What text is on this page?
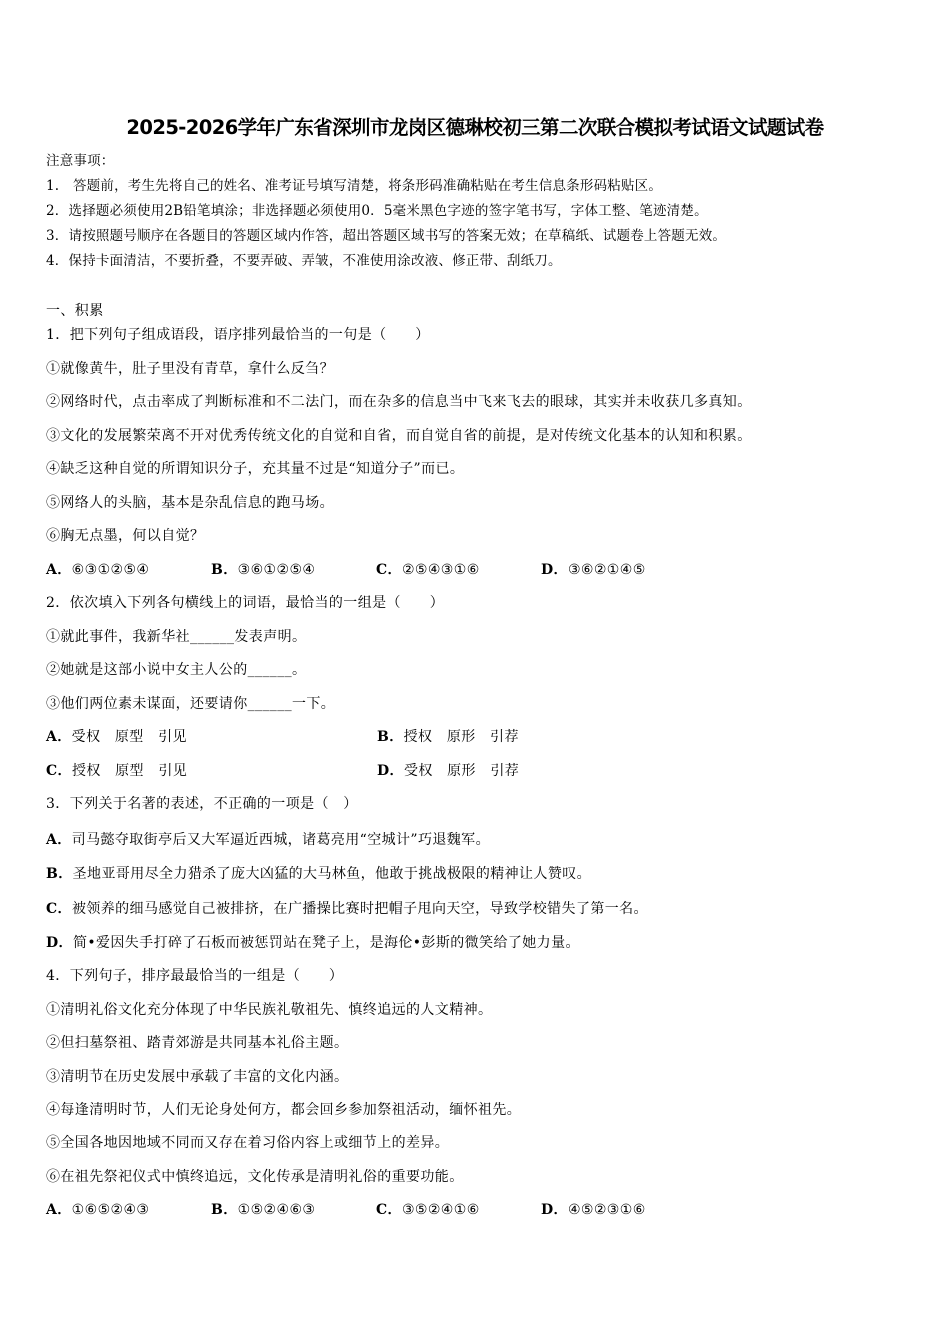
2025-2026学年广东省深圳市龙岗区德琳校初三第二次联合模拟考试语文试题试卷
注意事项：
1.　答题前，考生先将自己的姓名、准考证号填写清楚，将条形码准确粘贴在考生信息条形码粘贴区。
2．选择题必须使用2B铅笔填涂；非选择题必须使用0．5毫米黑色字迹的签字笔书写，字体工整、笔迹清楚。
3．请按照题号顺序在各题目的答题区域内作答，超出答题区域书写的答案无效；在草稿纸、试题卷上答题无效。
4．保持卡面清洁，不要折叠，不要弄破、弄皱，不准使用涂改液、修正带、刮纸刀。
一、积累
1．把下列句子组成语段，语序排列最恰当的一句是（　　）
①就像黄牛，肚子里没有青草，拿什么反刍？
②网络时代，点击率成了判断标准和不二法门，而在杂多的信息当中飞来飞去的眼球，其实并未收获几多真知。
③文化的发展繁荣离不开对优秀传统文化的自觉和自省，而自觉自省的前提，是对传统文化基本的认知和积累。
④缺乏这种自觉的所谓知识分子，充其量不过是“知道分子”而已。
⑤网络人的头脑，基本是杂乱信息的跑马场。
⑥胸无点墨，何以自觉？
A．⑥③①②⑤④	B．③⑥①②⑤④	C．②⑤④③①⑥	D．③⑥②①④⑤
2．依次填入下列各句横线上的词语，最恰当的一组是（　　）
①就此事件，我新华社______发表声明。
②她就是这部小说中女主人公的______。
③他们两位素未谋面，还要请你______一下。
A．受权　原型　引见	B．授权　原形　引荐
C．授权　原型　引见	D．受权　原形　引荐
3．下列关于名著的表述，不正确的一项是（　）
A．司马懿夺取街亭后又大军逼近西城，诸葛亮用“空城计”巧退魏军。
B．圣地亚哥用尽全力猎杀了庞大凶猛的大马林鱼，他敢于挑战极限的精神让人赞叹。
C．被领养的细马感觉自己被排挤，在广播操比赛时把帽子甩向天空，导致学校错失了第一名。
D．简•爱因失手打碎了石板而被惩罚站在凳子上，是海伦•彭斯的微笑给了她力量。
4．下列句子，排序最最恰当的一组是（　　）
①清明礼俗文化充分体现了中华民族礼敬祖先、慎终追远的人文精神。
②但扫墓祭祖、踏青郊游是共同基本礼俗主题。
③清明节在历史发展中承载了丰富的文化内涵。
④每逢清明时节，人们无论身处何方，都会回乡参加祭祖活动，缅怀祖先。
⑤全国各地因地域不同而又存在着习俗内容上或细节上的差异。
⑥在祖先祭祀仪式中慎终追远，文化传承是清明礼俗的重要功能。
A．①⑥⑤②④③	B．①⑤②④⑥③	C．③⑤②④①⑥	D．④⑤②③①⑥
